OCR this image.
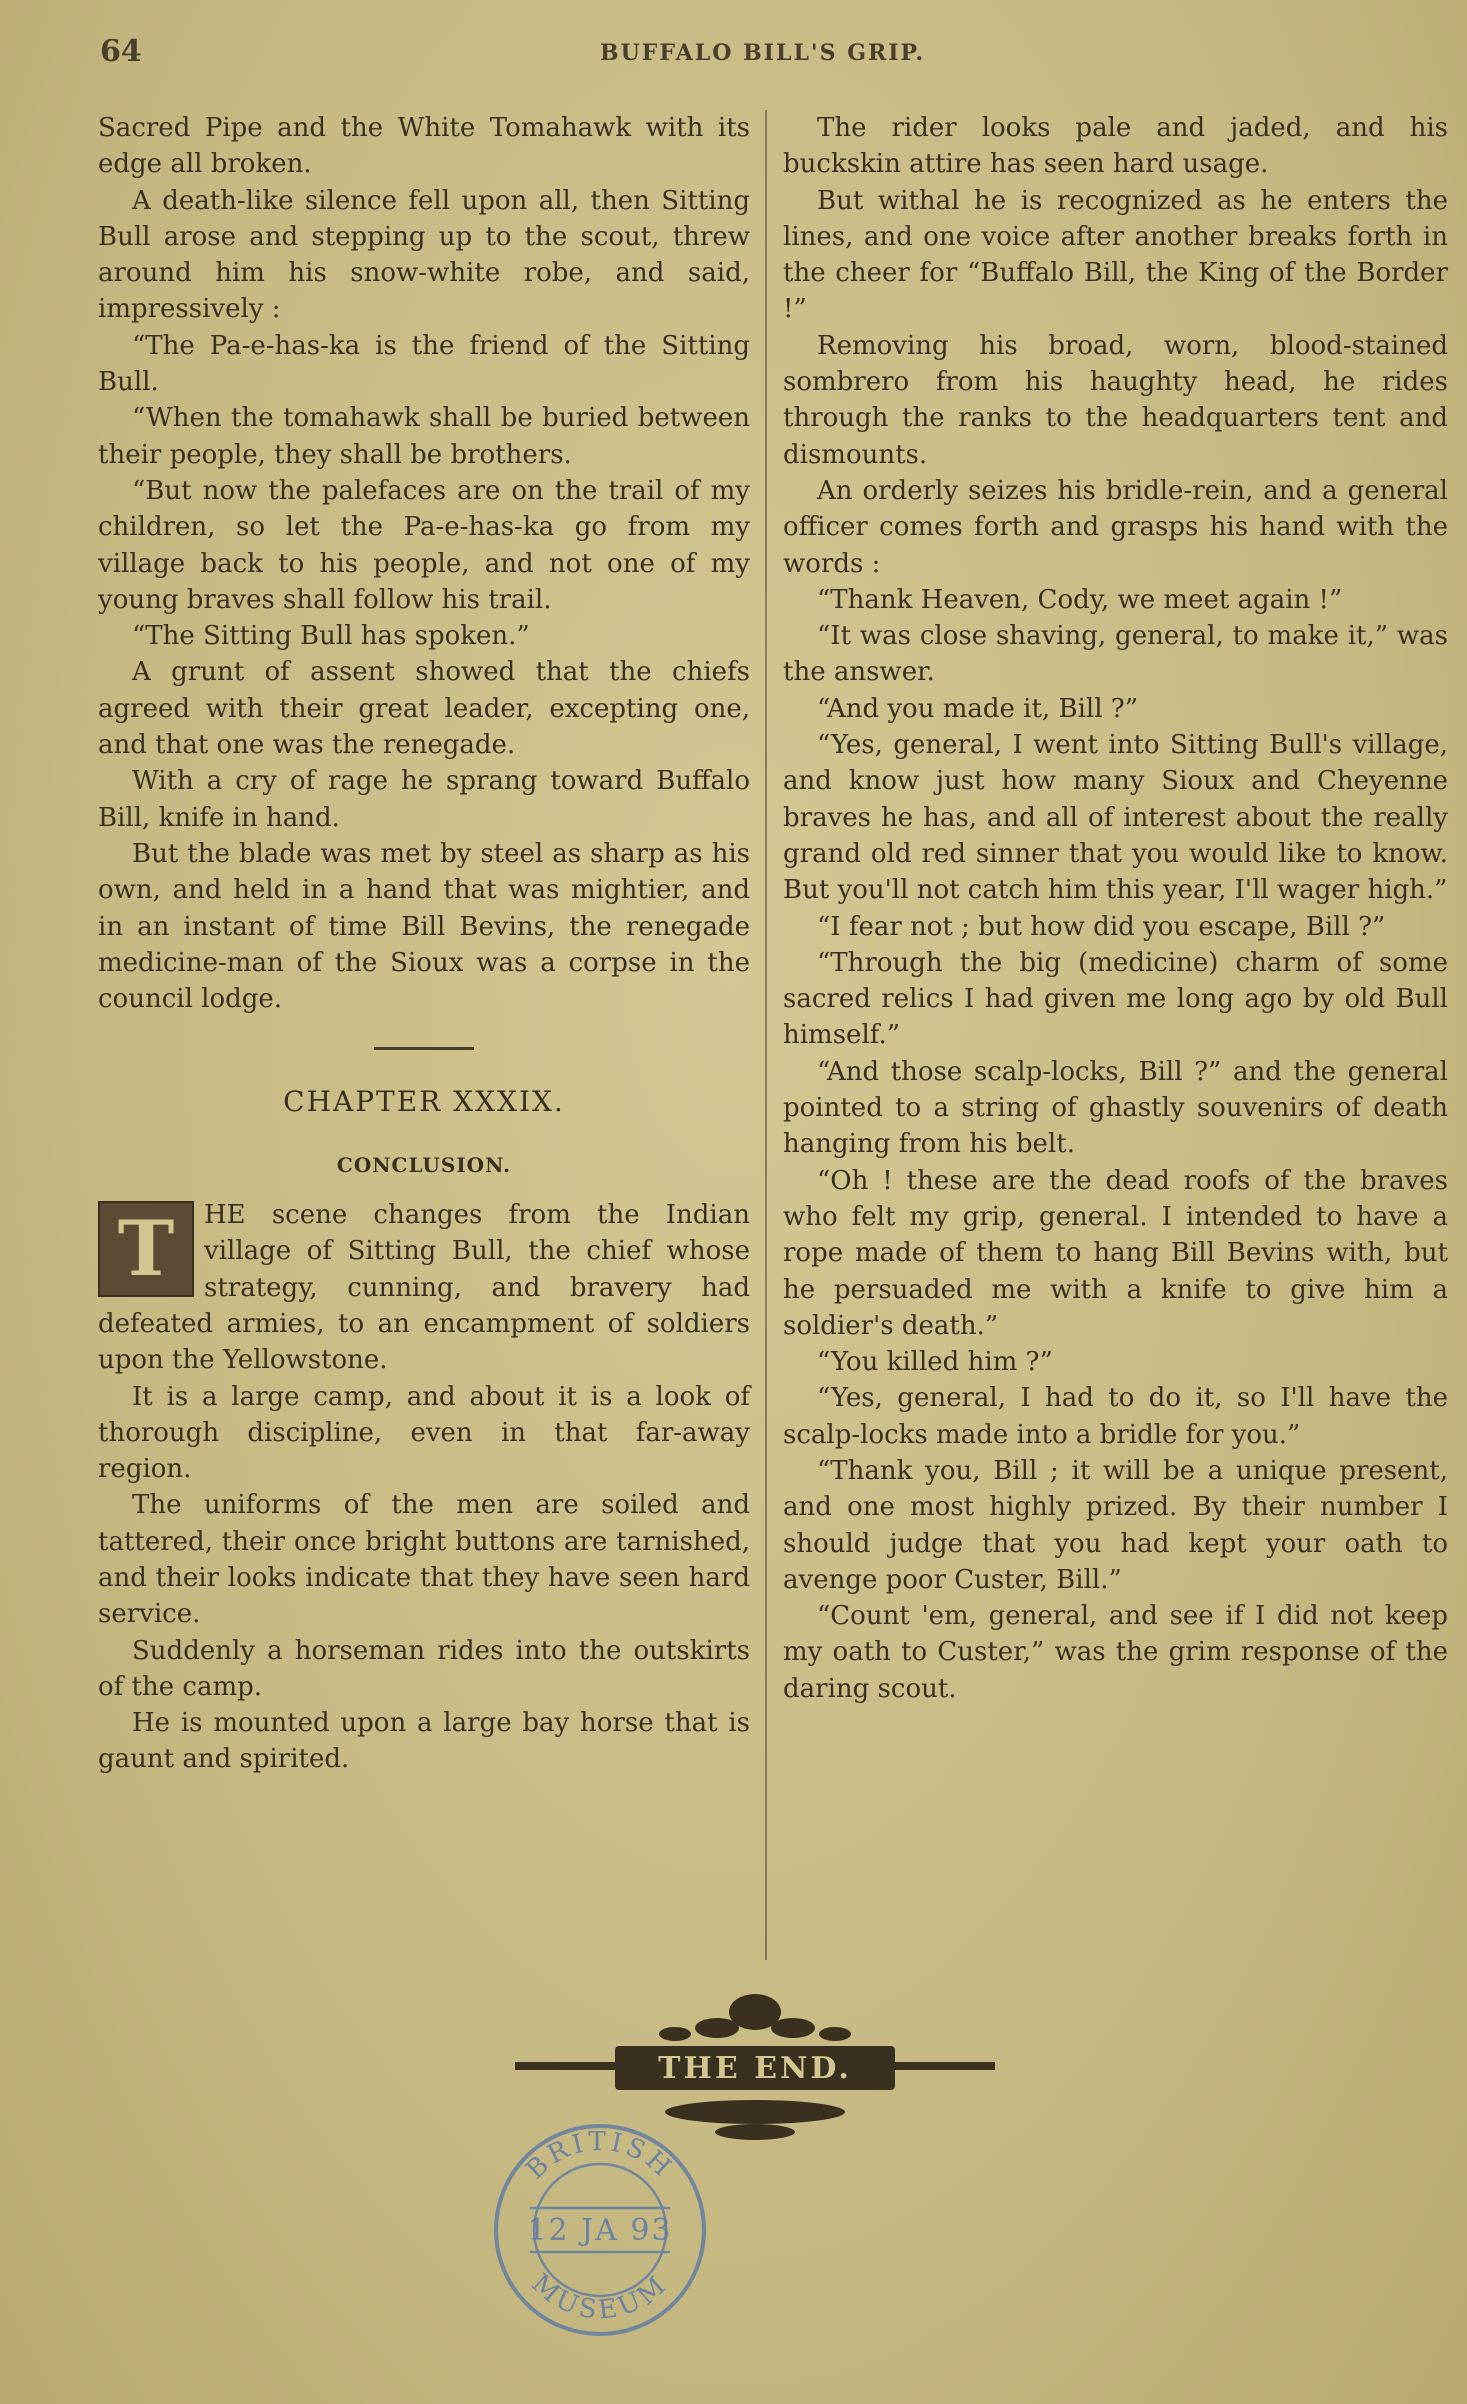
64	BUFFALO BILL'S GRIP.

Sacred Pipe and the White Tomahawk with its edge all broken.

A death-like silence fell upon all, then Sitting Bull arose and stepping up to the scout, threw around him his snow-white robe, and said, impressively :

“The Pa-e-has-ka is the friend of the Sitting Bull.

“When the tomahawk shall be buried between their people, they shall be brothers.

“But now the palefaces are on the trail of my children, so let the Pa-e-has-ka go from my village back to his people, and not one of my young braves shall follow his trail.

“The Sitting Bull has spoken.”

A grunt of assent showed that the chiefs agreed with their great leader, excepting one, and that one was the renegade.

With a cry of rage he sprang toward Buffalo Bill, knife in hand.

But the blade was met by steel as sharp as his own, and held in a hand that was mightier, and in an instant of time Bill Bevins, the renegade medicine-man of the Sioux was a corpse in the council lodge.

CHAPTER XXXIX.
CONCLUSION.

T	HE scene changes from the Indian village of Sitting Bull, the chief whose strategy, cunning, and bravery had defeated armies, to an encampment of soldiers upon the Yellowstone.

It is a large camp, and about it is a look of thorough discipline, even in that far-away region.

The uniforms of the men are soiled and tattered, their once bright buttons are tarnished, and their looks indicate that they have seen hard service.

Suddenly a horseman rides into the outskirts of the camp.

He is mounted upon a large bay horse that is gaunt and spirited.

The rider looks pale and jaded, and his buckskin attire has seen hard usage.

But withal he is recognized as he enters the lines, and one voice after another breaks forth in the cheer for “Buffalo Bill, the King of the Border !”

Removing his broad, worn, blood-stained sombrero from his haughty head, he rides through the ranks to the headquarters tent and dismounts.

An orderly seizes his bridle-rein, and a general officer comes forth and grasps his hand with the words :

“Thank Heaven, Cody, we meet again !”

“It was close shaving, general, to make it,” was the answer.

“And you made it, Bill ?”

“Yes, general, I went into Sitting Bull's village, and know just how many Sioux and Cheyenne braves he has, and all of interest about the really grand old red sinner that you would like to know. But you'll not catch him this year, I'll wager high.”

“I fear not ; but how did you escape, Bill ?”

“Through the big (medicine) charm of some sacred relics I had given me long ago by old Bull himself.”

“And those scalp-locks, Bill ?” and the general pointed to a string of ghastly souvenirs of death hanging from his belt.

“Oh ! these are the dead roofs of the braves who felt my grip, general. I intended to have a rope made of them to hang Bill Bevins with, but he persuaded me with a knife to give him a soldier's death.”

“You killed him ?”

“Yes, general, I had to do it, so I'll have the scalp-locks made into a bridle for you.”

“Thank you, Bill ; it will be a unique present, and one most highly prized. By their number I should judge that you had kept your oath to avenge poor Custer, Bill.”

“Count 'em, general, and see if I did not keep my oath to Custer,” was the grim response of the daring scout.

THE END.
BRITISH
12 JA 93
MUSEUM
